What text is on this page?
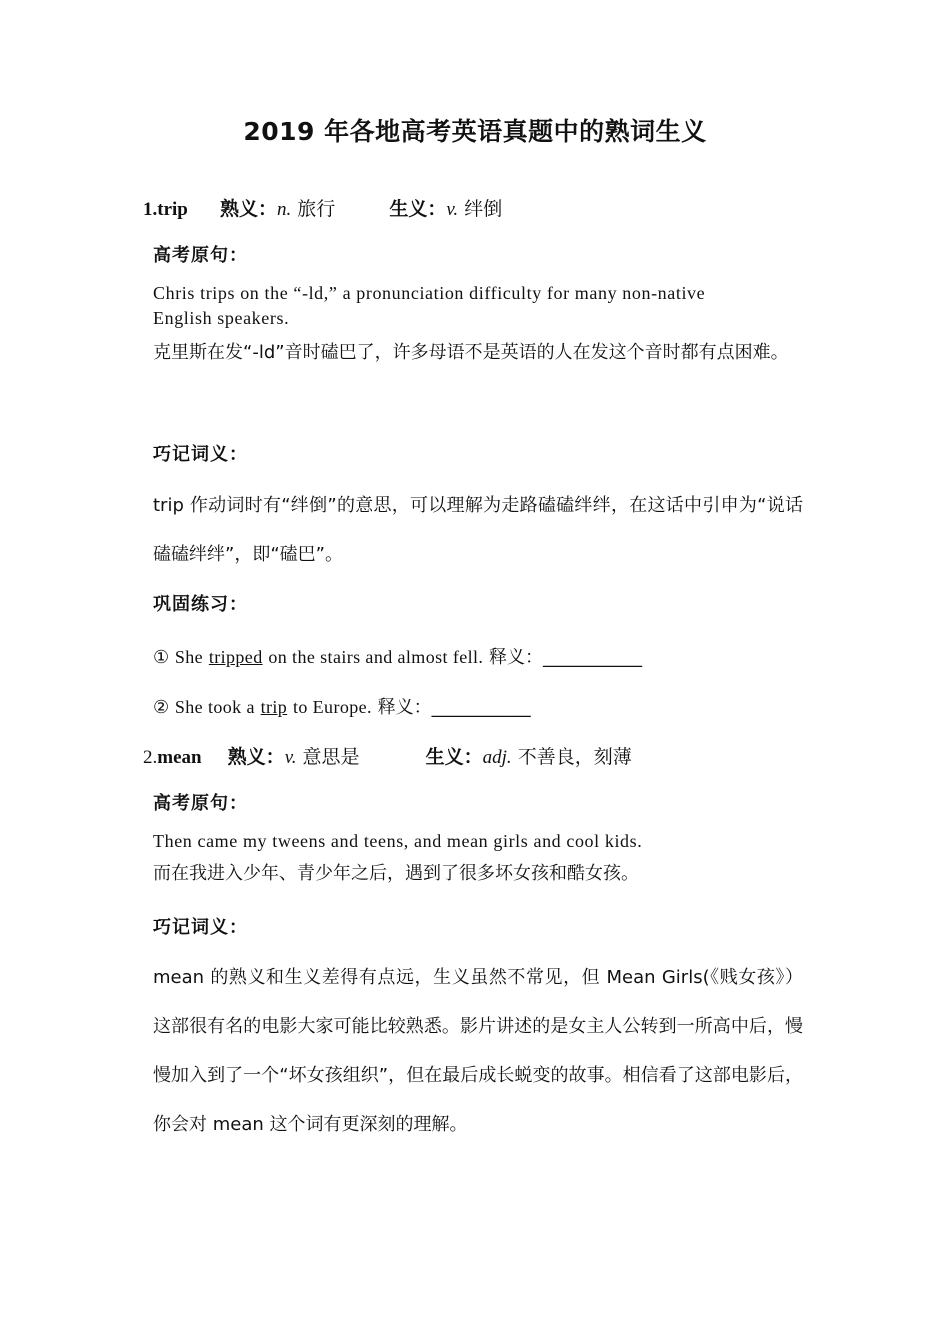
2019 年各地高考英语真题中的熟词生义
1.trip 熟义：n. 旅行	生义：v. 绊倒
高考原句：
Chris trips on the “-ld,” a pronunciation difficulty for many non-native
English speakers.
克里斯在发“-ld”音时磕巴了，许多母语不是英语的人在发这个音时都有点困难。
巧记词义：
trip 作动词时有“绊倒”的意思，可以理解为走路磕磕绊绊，在这话中引申为“说话磕磕绊绊”，即“磕巴”。
巩固练习：
① She tripped on the stairs and almost fell. 释义：___________
② She took a trip to Europe. 释义：___________
2.mean 熟义：v. 意思是	生义：adj. 不善良，刻薄
高考原句：
Then came my tweens and teens, and mean girls and cool kids.
而在我进入少年、青少年之后，遇到了很多坏女孩和酷女孩。
巧记词义：
mean 的熟义和生义差得有点远，生义虽然不常见，但 Mean Girls(《贱女孩》）这部很有名的电影大家可能比较熟悉。影片讲述的是女主人公转到一所高中后，慢慢加入到了一个“坏女孩组织”，但在最后成长蜕变的故事。相信看了这部电影后，你会对 mean 这个词有更深刻的理解。
